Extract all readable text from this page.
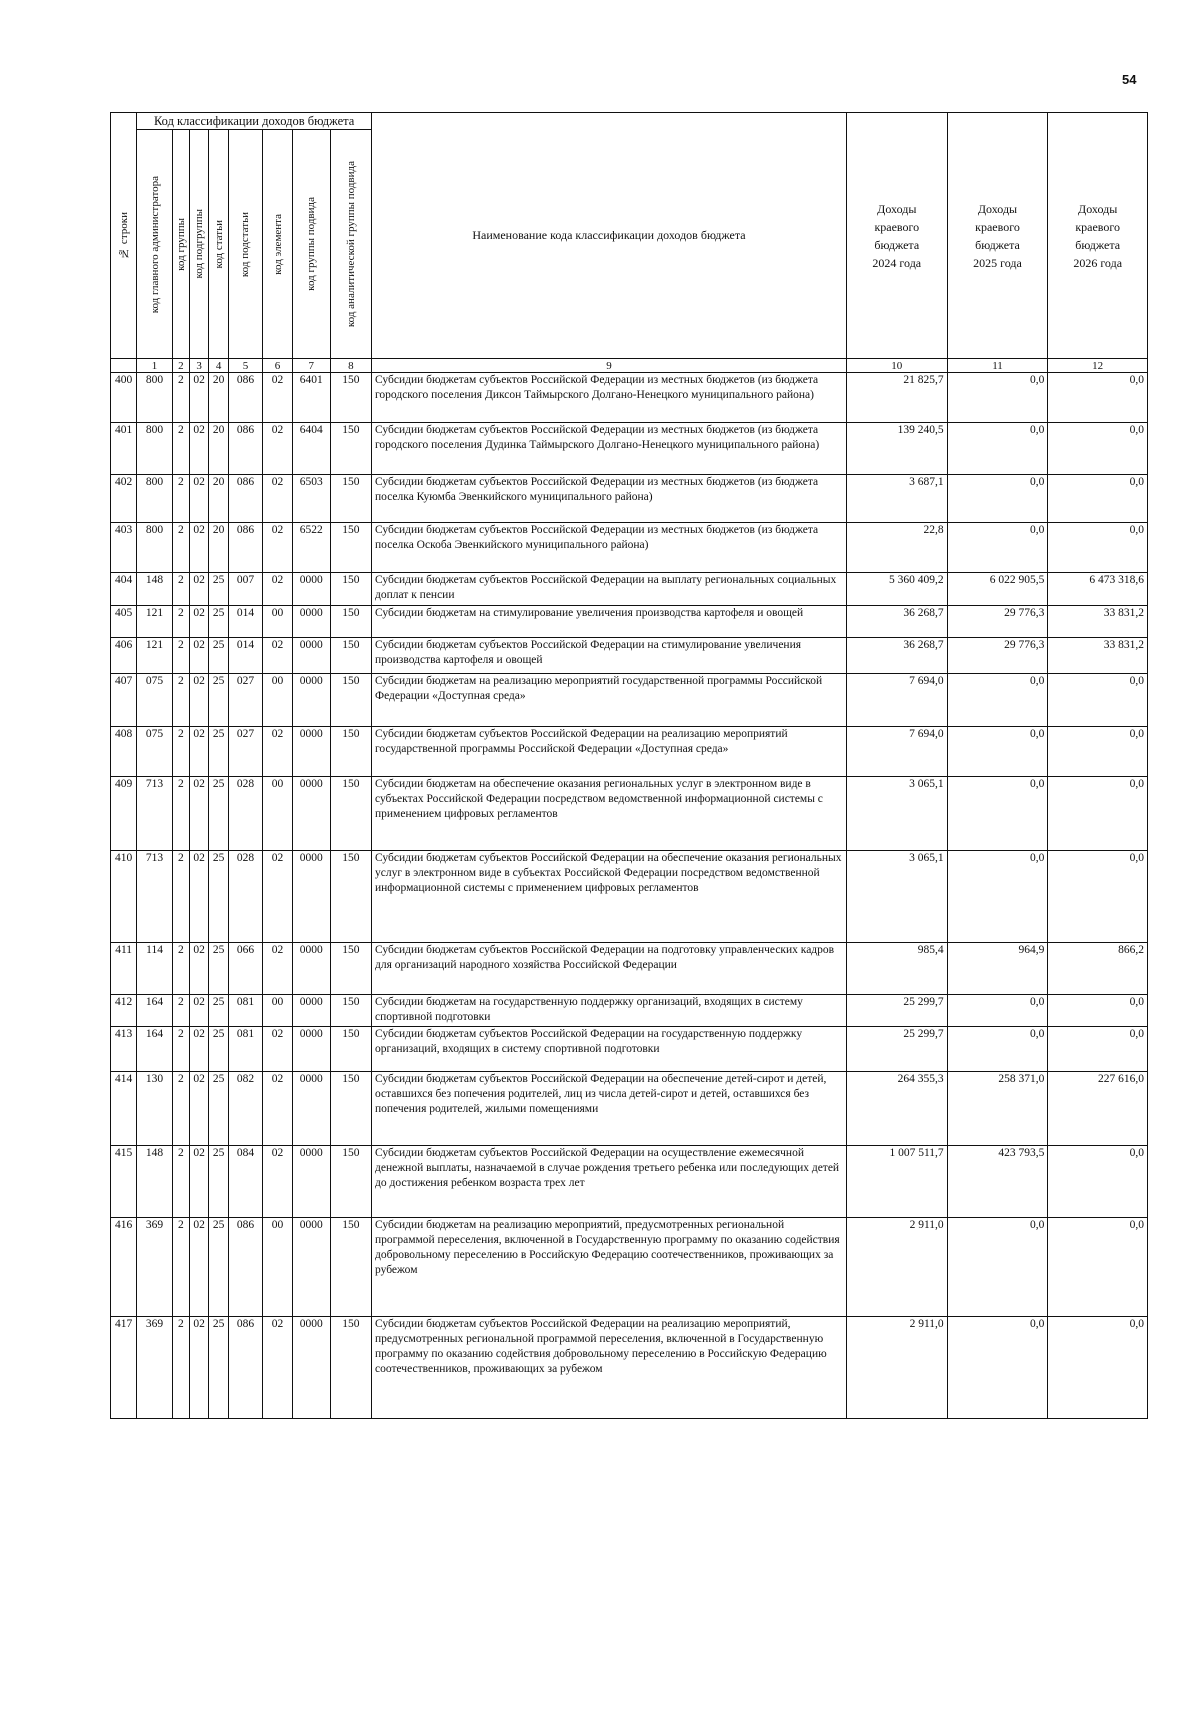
54
№ строки	Код классификации доходов бюджета								Наименование кода классификации доходов бюджета	Доходы
краевого
бюджета
2024 года	Доходы
краевого
бюджета
2025 года	Доходы
краевого
бюджета
2026 года

	код главного администратора	код группы	код подгруппы	код статьи	код подстатьи	код элемента	код группы подвида	код аналитической группы подвида				

	1	2	3	4	5	6	7	8	9	10	11	12
400	800	2	02	20	086	02	6401	150	Субсидии бюджетам субъектов Российской Федерации из местных бюджетов (из бюджета городского поселения Диксон Таймырского Долгано-Ненецкого муниципального района)	21 825,7	0,0	0,0
401	800	2	02	20	086	02	6404	150	Субсидии бюджетам субъектов Российской Федерации из местных бюджетов (из бюджета городского поселения Дудинка Таймырского Долгано-Ненецкого муниципального района)	139 240,5	0,0	0,0
402	800	2	02	20	086	02	6503	150	Субсидии бюджетам субъектов Российской Федерации из местных бюджетов (из бюджета поселка Куюмба Эвенкийского муниципального района)	3 687,1	0,0	0,0
403	800	2	02	20	086	02	6522	150	Субсидии бюджетам субъектов Российской Федерации из местных бюджетов (из бюджета поселка Оскоба Эвенкийского муниципального района)	22,8	0,0	0,0
404	148	2	02	25	007	02	0000	150	Субсидии бюджетам субъектов Российской Федерации на выплату региональных социальных доплат к пенсии	5 360 409,2	6 022 905,5	6 473 318,6
405	121	2	02	25	014	00	0000	150	Субсидии бюджетам на стимулирование увеличения производства картофеля и овощей	36 268,7	29 776,3	33 831,2
406	121	2	02	25	014	02	0000	150	Субсидии бюджетам субъектов Российской Федерации на стимулирование увеличения производства картофеля и овощей	36 268,7	29 776,3	33 831,2
407	075	2	02	25	027	00	0000	150	Субсидии бюджетам на реализацию мероприятий государственной программы Российской Федерации «Доступная среда»	7 694,0	0,0	0,0
408	075	2	02	25	027	02	0000	150	Субсидии бюджетам субъектов Российской Федерации на реализацию мероприятий государственной программы Российской Федерации «Доступная среда»	7 694,0	0,0	0,0
409	713	2	02	25	028	00	0000	150	Субсидии бюджетам на обеспечение оказания региональных услуг в электронном виде в субъектах Российской Федерации посредством ведомственной информационной системы с применением цифровых регламентов	3 065,1	0,0	0,0
410	713	2	02	25	028	02	0000	150	Субсидии бюджетам субъектов Российской Федерации на обеспечение оказания региональных услуг в электронном виде в субъектах Российской Федерации посредством ведомственной информационной системы с применением цифровых регламентов	3 065,1	0,0	0,0
411	114	2	02	25	066	02	0000	150	Субсидии бюджетам субъектов Российской Федерации на подготовку управленческих кадров для организаций народного хозяйства Российской Федерации	985,4	964,9	866,2
412	164	2	02	25	081	00	0000	150	Субсидии бюджетам на государственную поддержку организаций, входящих в систему спортивной подготовки	25 299,7	0,0	0,0
413	164	2	02	25	081	02	0000	150	Субсидии бюджетам субъектов Российской Федерации на государственную поддержку организаций, входящих в систему спортивной подготовки	25 299,7	0,0	0,0
414	130	2	02	25	082	02	0000	150	Субсидии бюджетам субъектов Российской Федерации на обеспечение детей-сирот и детей, оставшихся без попечения родителей, лиц из числа детей-сирот и детей, оставшихся без попечения родителей, жилыми помещениями	264 355,3	258 371,0	227 616,0
415	148	2	02	25	084	02	0000	150	Субсидии бюджетам субъектов Российской Федерации на осуществление ежемесячной денежной выплаты, назначаемой в случае рождения третьего ребенка или последующих детей до достижения ребенком возраста трех лет	1 007 511,7	423 793,5	0,0
416	369	2	02	25	086	00	0000	150	Субсидии бюджетам на реализацию мероприятий, предусмотренных региональной программой переселения, включенной в Государственную программу по оказанию содействия добровольному переселению в Российскую Федерацию соотечественников, проживающих за рубежом	2 911,0	0,0	0,0
417	369	2	02	25	086	02	0000	150	Субсидии бюджетам субъектов Российской Федерации на реализацию мероприятий, предусмотренных региональной программой переселения, включенной в Государственную программу по оказанию содействия добровольному переселению в Российскую Федерацию соотечественников, проживающих за рубежом	2 911,0	0,0	0,0
